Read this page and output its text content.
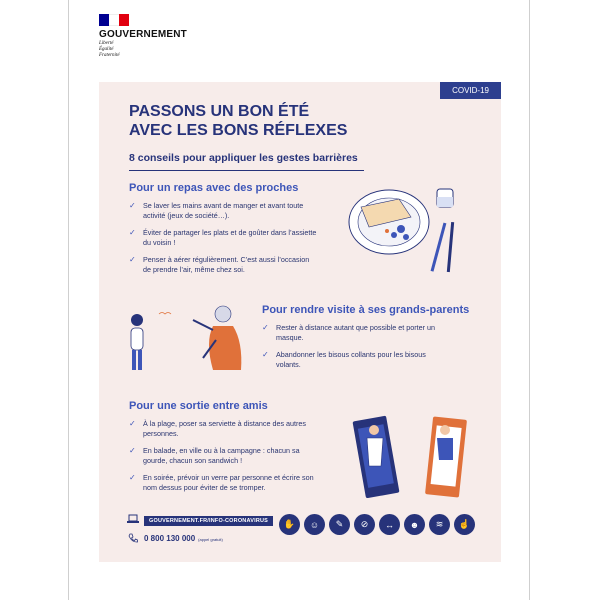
GOUVERNEMENT
Liberté
Égalité
Fraternité
COVID-19
PASSONS UN BON ÉTÉ
AVEC LES BONS RÉFLEXES
8 conseils pour appliquer les gestes barrières
Pour un repas avec des proches
✓ Se laver les mains avant de manger et avant toute activité (jeux de société…).
✓ Éviter de partager les plats et de goûter dans l’assiette du voisin !
✓ Penser à aérer régulièrement. C’est aussi l’occasion de prendre l’air, même chez soi.
Pour rendre visite à ses grands-parents
✓ Rester à distance autant que possible et porter un masque.
✓ Abandonner les bisous collants pour les bisous volants.
Pour une sortie entre amis
✓ À la plage, poser sa serviette à distance des autres personnes.
✓ En balade, en ville ou à la campagne : chacun sa gourde, chacun son sandwich !
✓ En soirée, prévoir un verre par personne et écrire son nom dessus pour éviter de se tromper.
GOUVERNEMENT.FR/INFO-CORONAVIRUS
0 800 130 000 (appel gratuit)
✋	☺	✎	⊘	↔	☻	≋	☝
